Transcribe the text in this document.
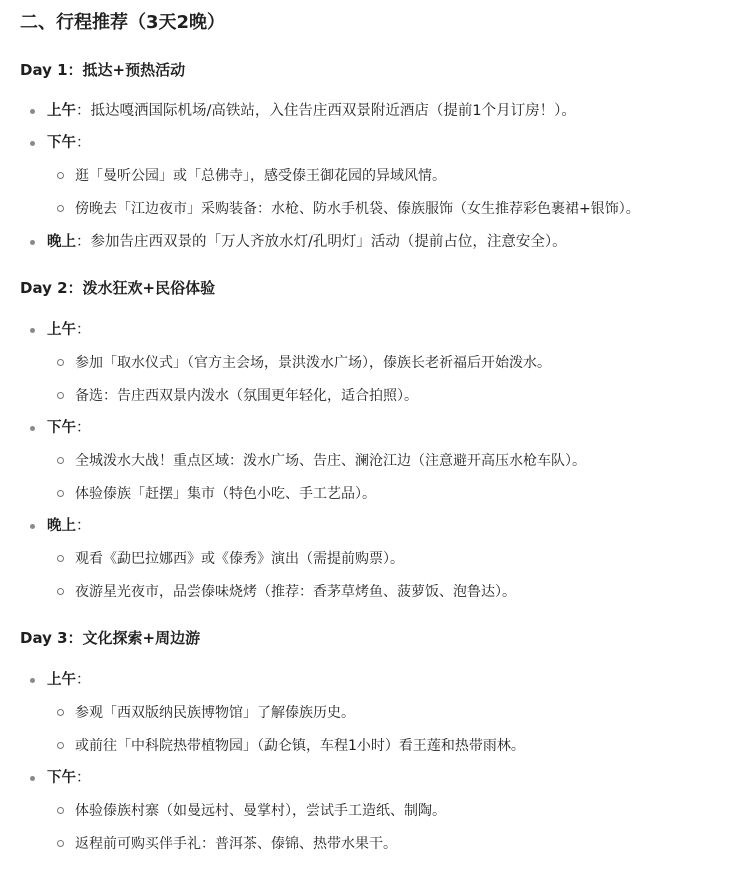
二、行程推荐（3天2晚）
Day 1：抵达+预热活动
上午：抵达嘎洒国际机场/高铁站，入住告庄西双景附近酒店（提前1个月订房！）。
下午：
逛「曼听公园」或「总佛寺」，感受傣王御花园的异域风情。
傍晚去「江边夜市」采购装备：水枪、防水手机袋、傣族服饰（女生推荐彩色裹裙+银饰）。
晚上：参加告庄西双景的「万人齐放水灯/孔明灯」活动（提前占位，注意安全）。
Day 2：泼水狂欢+民俗体验
上午：
参加「取水仪式」（官方主会场，景洪泼水广场），傣族长老祈福后开始泼水。
备选：告庄西双景内泼水（氛围更年轻化，适合拍照）。
下午：
全城泼水大战！重点区域：泼水广场、告庄、澜沧江边（注意避开高压水枪车队）。
体验傣族「赶摆」集市（特色小吃、手工艺品）。
晚上：
观看《勐巴拉娜西》或《傣秀》演出（需提前购票）。
夜游星光夜市，品尝傣味烧烤（推荐：香茅草烤鱼、菠萝饭、泡鲁达）。
Day 3：文化探索+周边游
上午：
参观「西双版纳民族博物馆」了解傣族历史。
或前往「中科院热带植物园」（勐仑镇，车程1小时）看王莲和热带雨林。
下午：
体验傣族村寨（如曼远村、曼掌村），尝试手工造纸、制陶。
返程前可购买伴手礼：普洱茶、傣锦、热带水果干。
